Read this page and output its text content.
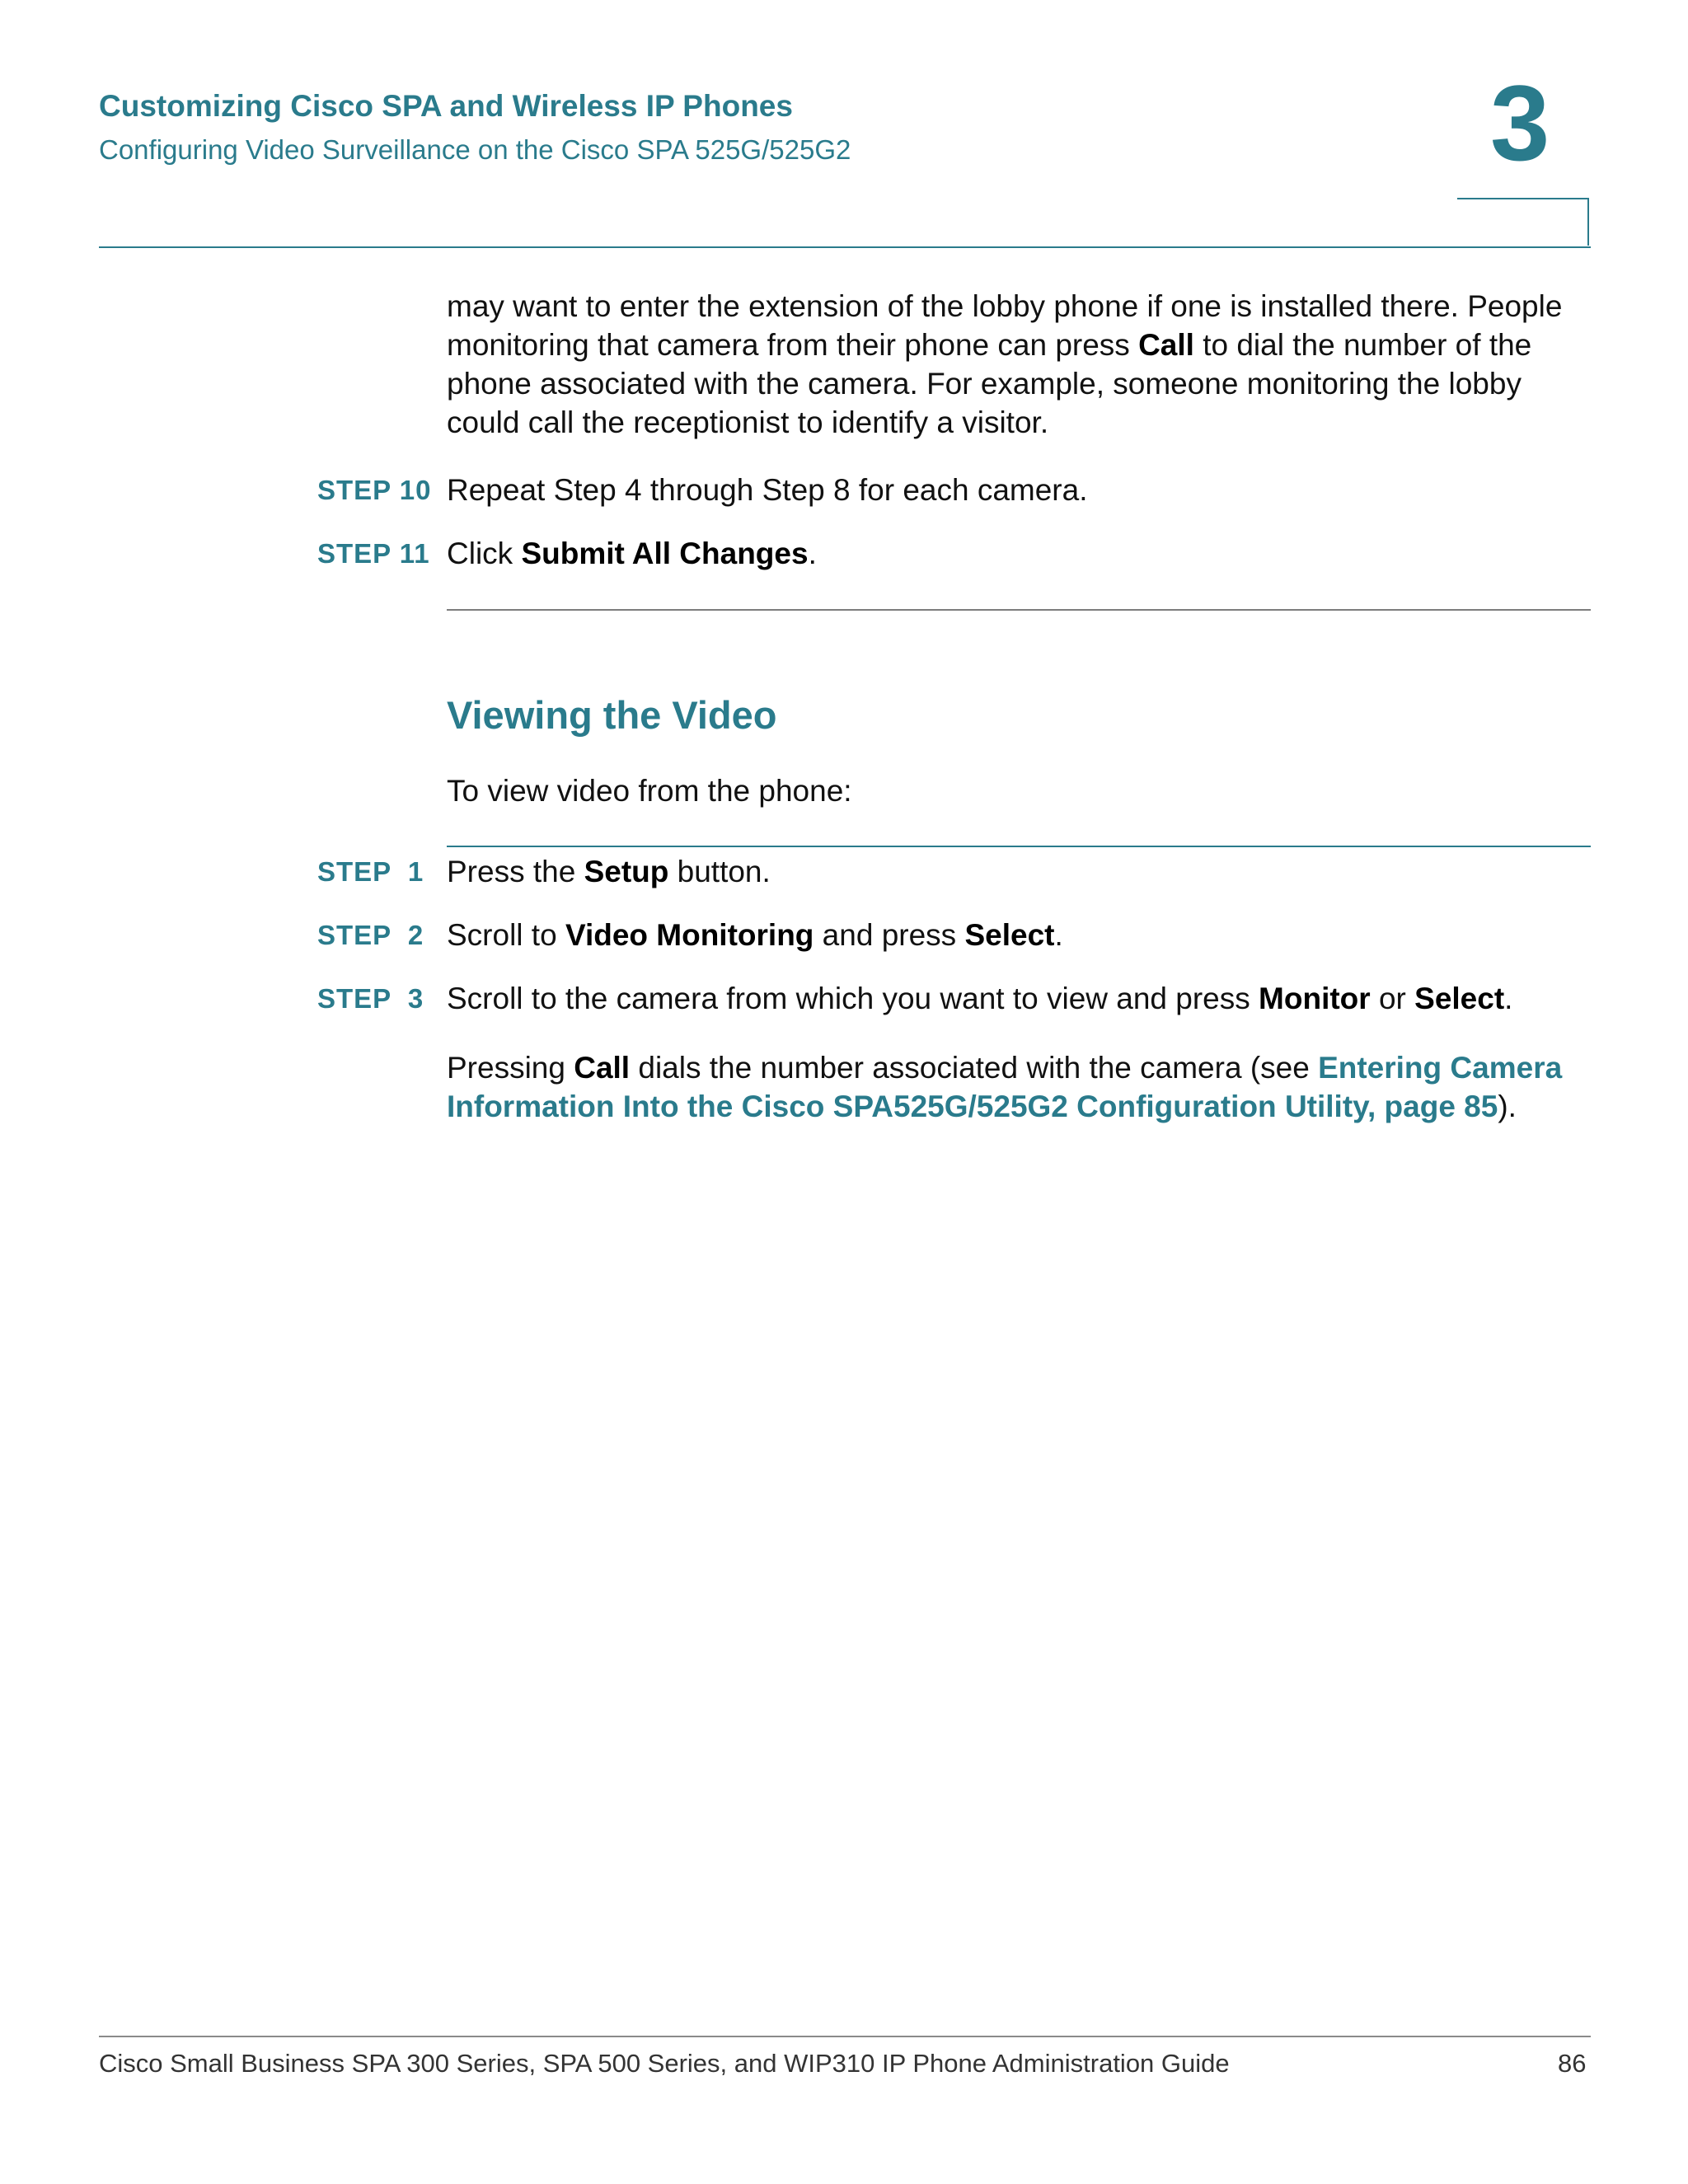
Customizing Cisco SPA and Wireless IP Phones
Configuring Video Surveillance on the Cisco SPA 525G/525G2	3
may want to enter the extension of the lobby phone if one is installed there. People monitoring that camera from their phone can press Call to dial the number of the phone associated with the camera. For example, someone monitoring the lobby could call the receptionist to identify a visitor.
STEP 10 Repeat Step 4 through Step 8 for each camera.
STEP 11 Click Submit All Changes.
Viewing the Video
To view video from the phone:
STEP  1 Press the Setup button.
STEP  2 Scroll to Video Monitoring and press Select.
STEP  3 Scroll to the camera from which you want to view and press Monitor or Select.
Pressing Call dials the number associated with the camera (see Entering Camera Information Into the Cisco SPA525G/525G2 Configuration Utility, page 85).
Cisco Small Business SPA 300 Series, SPA 500 Series, and WIP310 IP Phone Administration Guide	86
